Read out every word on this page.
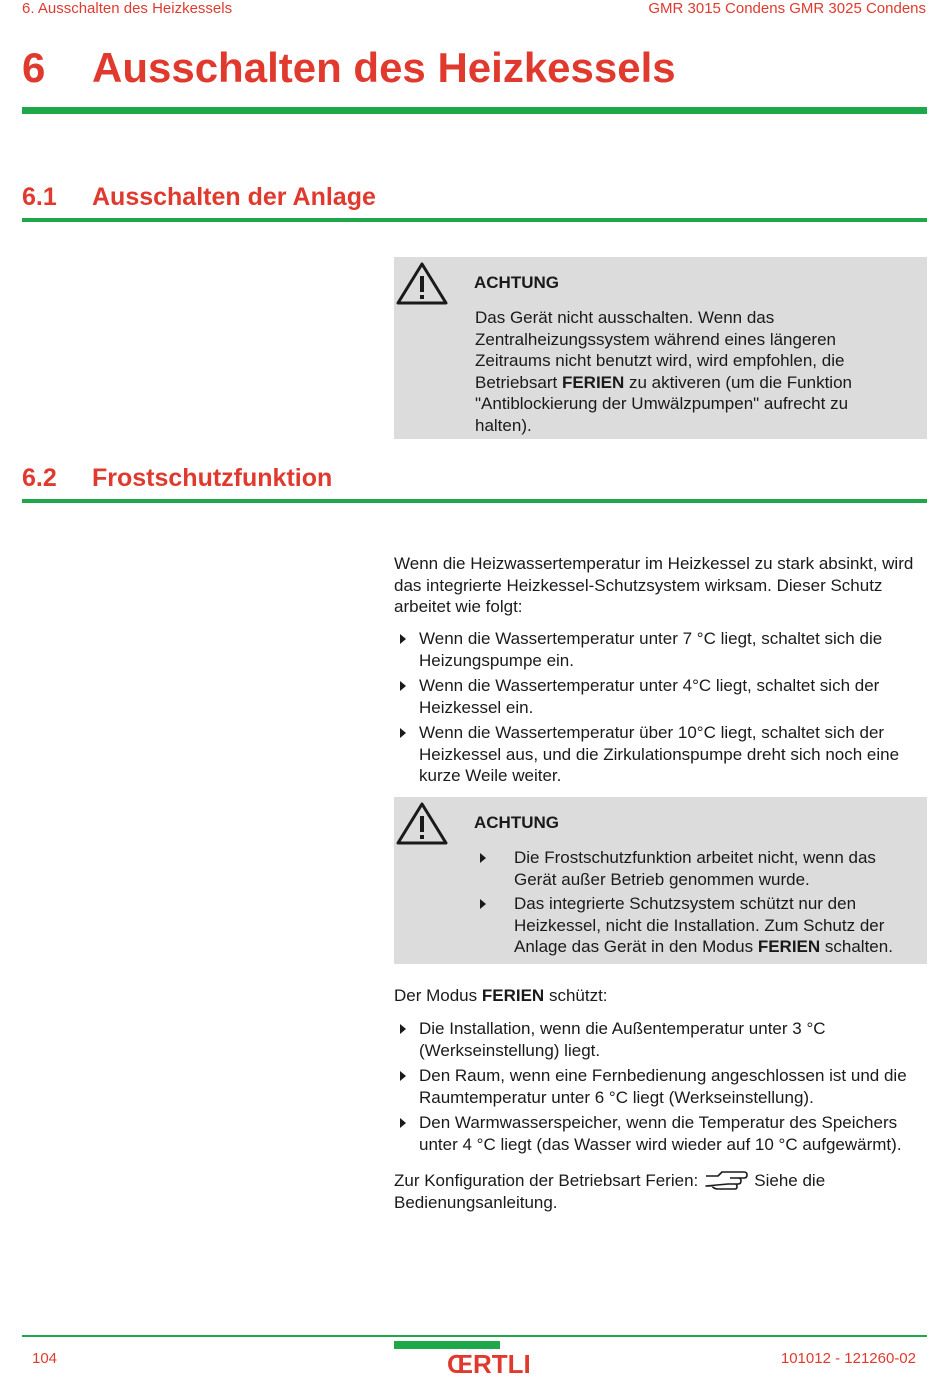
6. Ausschalten des Heizkessels	GMR 3015 Condens GMR 3025 Condens
6 Ausschalten des Heizkessels
6.1 Ausschalten der Anlage
ACHTUNG
Das Gerät nicht ausschalten. Wenn das Zentralheizungssystem während eines längeren Zeitraums nicht benutzt wird, wird empfohlen, die Betriebsart FERIEN zu aktiveren (um die Funktion "Antiblockierung der Umwälzpumpen" aufrecht zu halten).
6.2 Frostschutzfunktion
Wenn die Heizwassertemperatur im Heizkessel zu stark absinkt, wird das integrierte Heizkessel-Schutzsystem wirksam. Dieser Schutz arbeitet wie folgt:
Wenn die Wassertemperatur unter 7 °C liegt, schaltet sich die Heizungspumpe ein.
Wenn die Wassertemperatur unter 4°C liegt, schaltet sich der Heizkessel ein.
Wenn die Wassertemperatur über 10°C liegt, schaltet sich der Heizkessel aus, und die Zirkulationspumpe dreht sich noch eine kurze Weile weiter.
ACHTUNG
Die Frostschutzfunktion arbeitet nicht, wenn das Gerät außer Betrieb genommen wurde.
Das integrierte Schutzsystem schützt nur den Heizkessel, nicht die Installation. Zum Schutz der Anlage das Gerät in den Modus FERIEN schalten.
Der Modus FERIEN schützt:
Die Installation, wenn die Außentemperatur unter 3 °C (Werkseinstellung) liegt.
Den Raum, wenn eine Fernbedienung angeschlossen ist und die Raumtemperatur unter 6 °C liegt (Werkseinstellung).
Den Warmwasserspeicher, wenn die Temperatur des Speichers unter 4 °C liegt (das Wasser wird wieder auf 10 °C aufgewärmt).
Zur Konfiguration der Betriebsart Ferien:	Siehe die Bedienungsanleitung.
104	ŒRTLI	101012 - 121260-02
